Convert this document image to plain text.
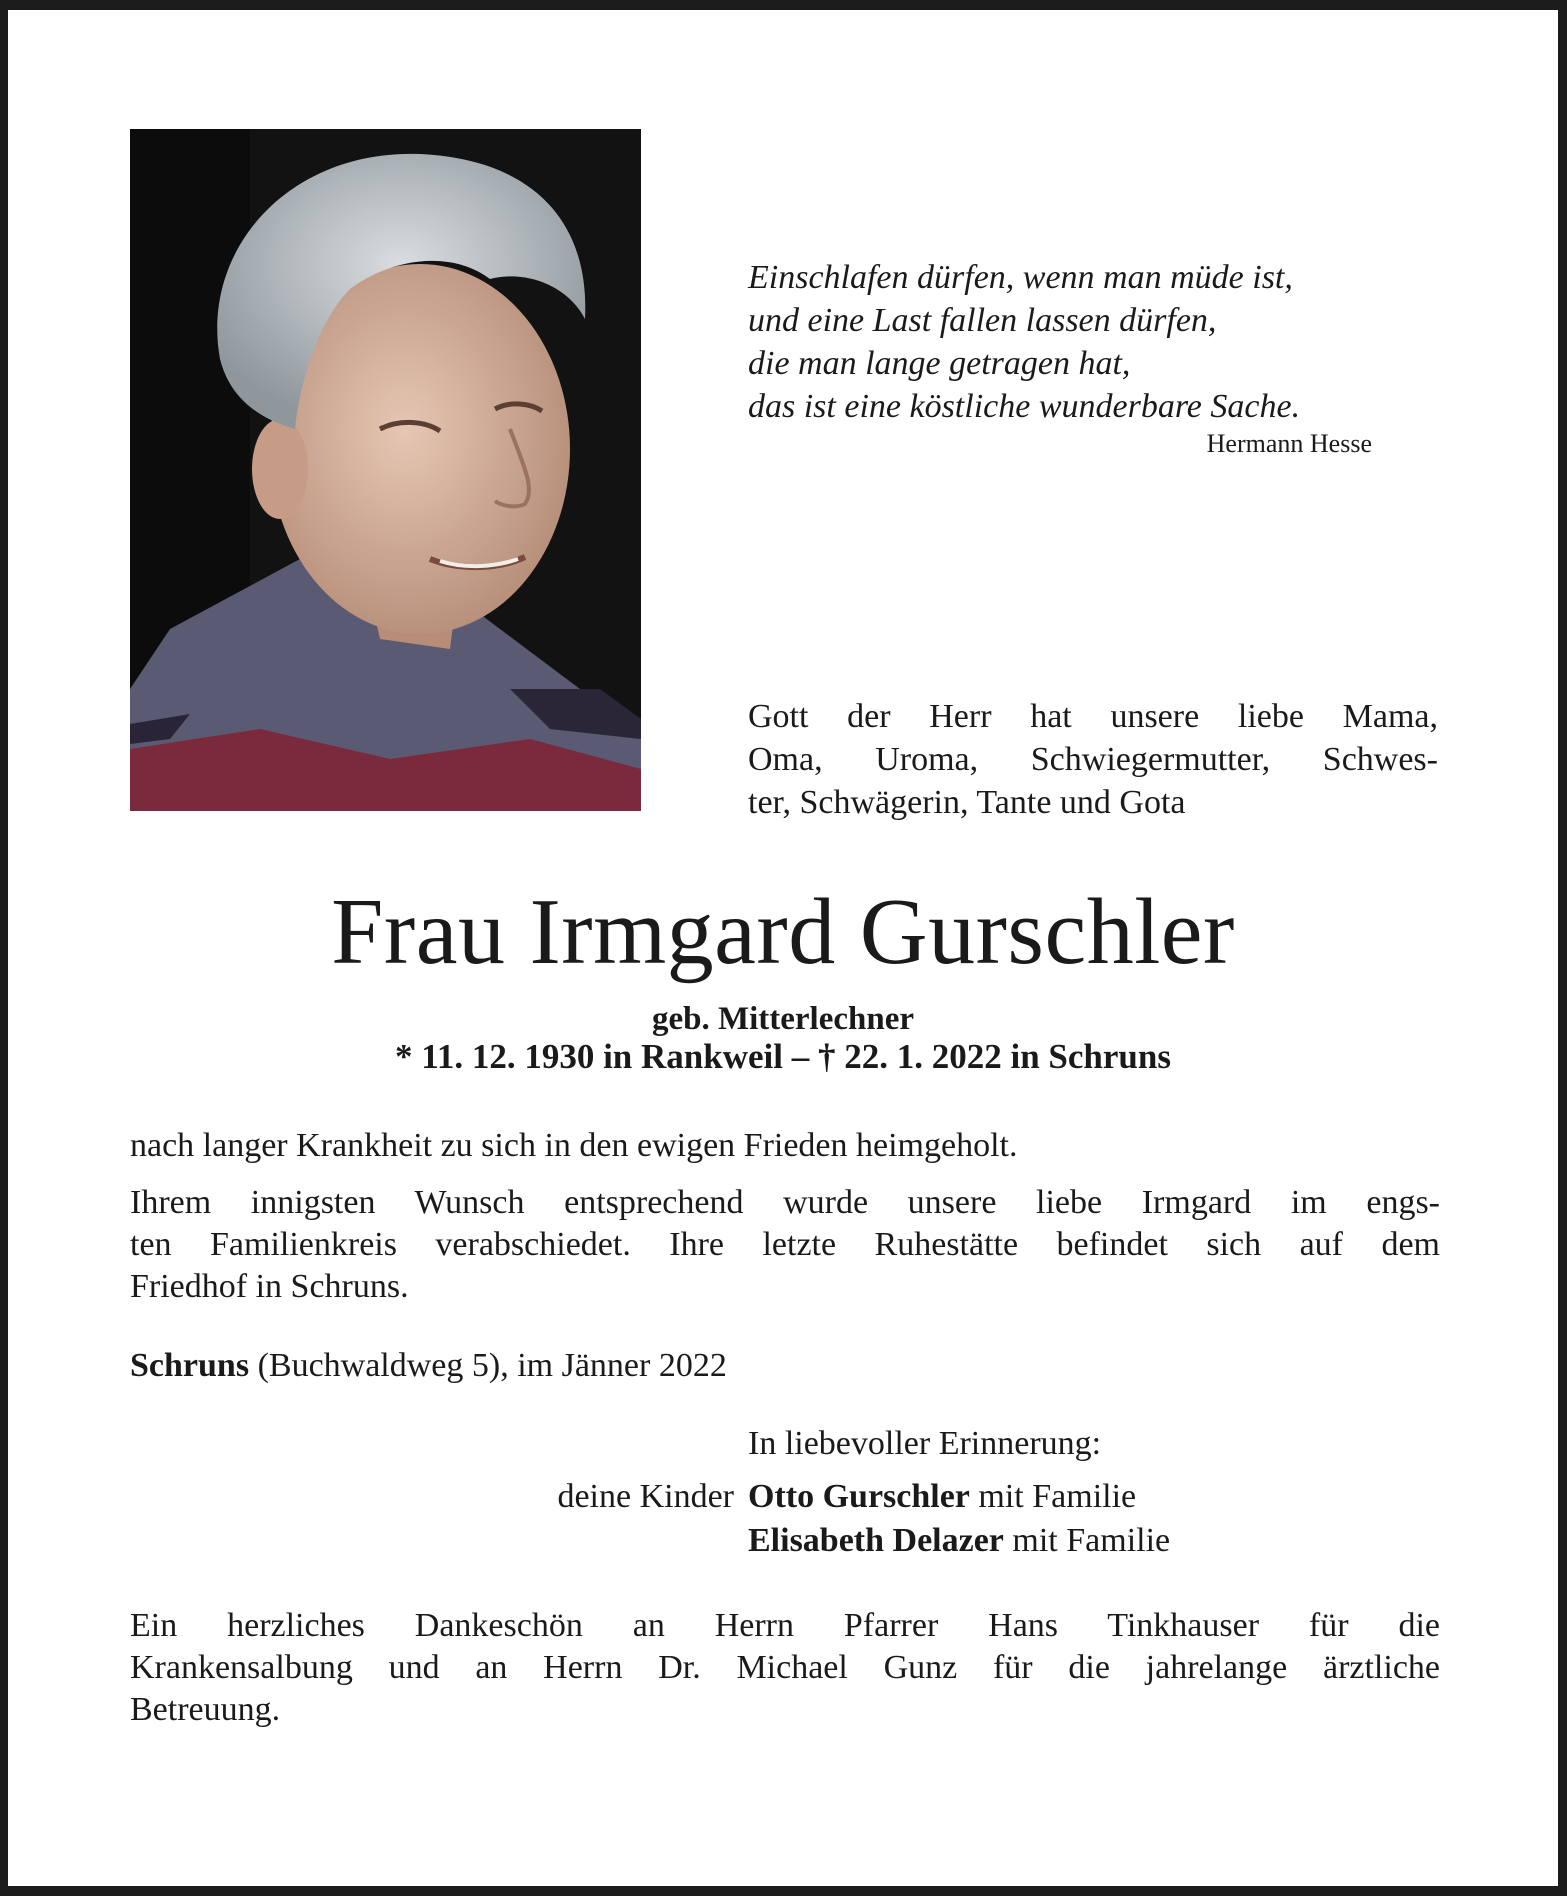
Einschlafen dürfen, wenn man müde ist,
und eine Last fallen lassen dürfen,
die man lange getragen hat,
das ist eine köstliche wunderbare Sache.
Hermann Hesse
Gott der Herr hat unsere liebe Mama,
Oma, Uroma, Schwiegermutter, Schwes-
ter, Schwägerin, Tante und Gota
Frau Irmgard Gurschler
geb. Mitterlechner
* 11. 12. 1930 in Rankweil – † 22. 1. 2022 in Schruns
nach langer Krankheit zu sich in den ewigen Frieden heimgeholt.
Ihrem innigsten Wunsch entsprechend wurde unsere liebe Irmgard im engs-
ten Familienkreis verabschiedet. Ihre letzte Ruhestätte befindet sich auf dem
Friedhof in Schruns.
Schruns (Buchwaldweg 5), im Jänner 2022
In liebevoller Erinnerung:
deine Kinder Otto Gurschler mit Familie
Elisabeth Delazer mit Familie
Ein herzliches Dankeschön an Herrn Pfarrer Hans Tinkhauser für die
Krankensalbung und an Herrn Dr. Michael Gunz für die jahrelange ärztliche
Betreuung.
